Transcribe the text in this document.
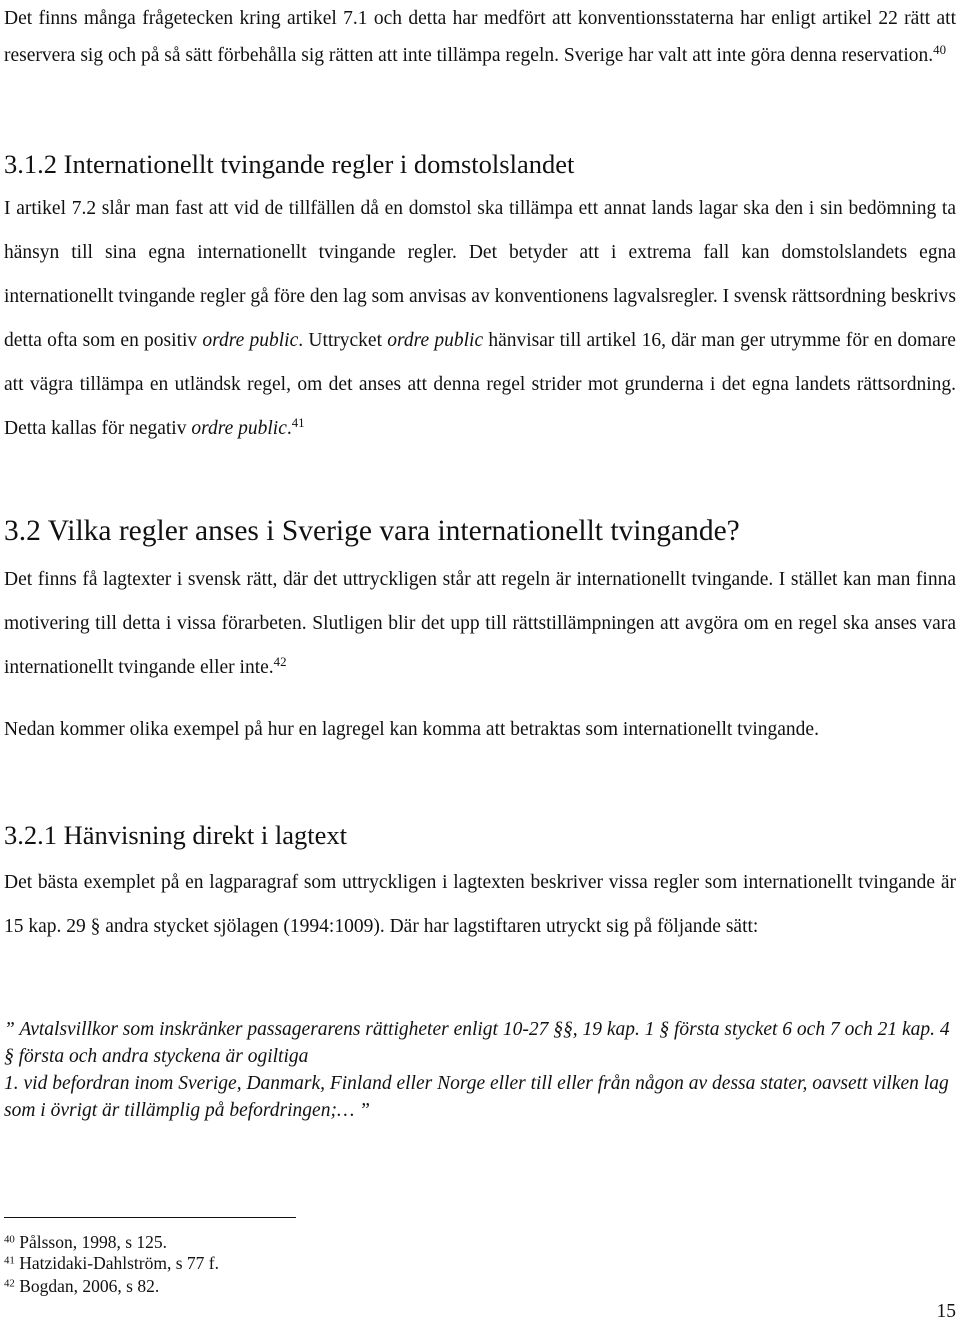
Det finns många frågetecken kring artikel 7.1 och detta har medfört att konventionsstaterna har enligt artikel 22 rätt att reservera sig och på så sätt förbehålla sig rätten att inte tillämpa regeln. Sverige har valt att inte göra denna reservation.$^{40}$

3.1.2 Internationellt tvingande regler i domstolslandet

I artikel 7.2 slår man fast att vid de tillfällen då en domstol ska tillämpa ett annat lands lagar ska den i sin bedömning ta hänsyn till sina egna internationellt tvingande regler. Det betyder att i extrema fall kan domstolslandets egna internationellt tvingande regler gå före den lag som anvisas av konventionens lagvalsregler. I svensk rättsordning beskrivs detta ofta som en positiv ordre public. Uttrycket ordre public hänvisar till artikel 16, där man ger utrymme för en domare att vägra tillämpa en utländsk regel, om det anses att denna regel strider mot grunderna i det egna landets rättsordning. Detta kallas för negativ ordre public.$^{41}$

3.2 Vilka regler anses i Sverige vara internationellt tvingande?

Det finns få lagtexter i svensk rätt, där det uttryckligen står att regeln är internationellt tvingande. I stället kan man finna motivering till detta i vissa förarbeten. Slutligen blir det upp till rättstillämpningen att avgöra om en regel ska anses vara internationellt tvingande eller inte.$^{42}$

Nedan kommer olika exempel på hur en lagregel kan komma att betraktas som internationellt tvingande.

3.2.1 Hänvisning direkt i lagtext

Det bästa exemplet på en lagparagraf som uttryckligen i lagtexten beskriver vissa regler som internationellt tvingande är 15 kap. 29 § andra stycket sjölagen (1994:1009). Där har lagstiftaren utryckt sig på följande sätt:

” Avtalsvillkor som inskränker passagerarens rättigheter enligt 10-27 §§, 19 kap. 1 § första stycket 6 och 7 och 21 kap. 4 § första och andra styckena är ogiltiga
1. vid befordran inom Sverige, Danmark, Finland eller Norge eller till eller från någon av dessa stater, oavsett vilken lag som i övrigt är tillämplig på befordringen;… ”
$^{40}$ Pålsson, 1998, s 125.
$^{41}$ Hatzidaki-Dahlström, s 77 f.
$^{42}$ Bogdan, 2006, s 82.
15
